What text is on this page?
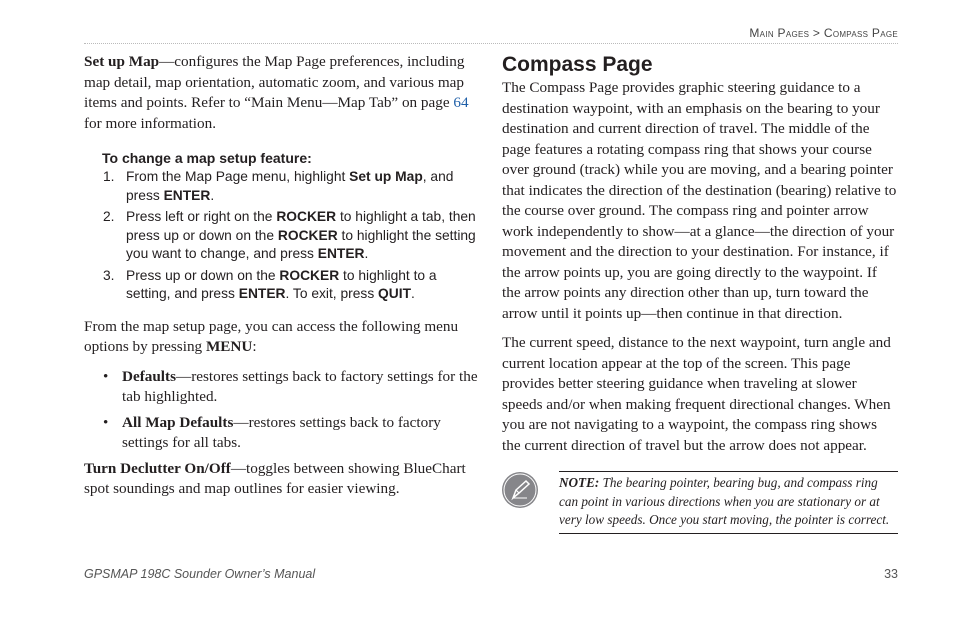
Main Pages > Compass Page

Set up Map—configures the Map Page preferences, including map detail, map orientation, automatic zoom, and various map items and points. Refer to “Main Menu—Map Tab” on page 64 for more information.

To change a map setup feature:
1. From the Map Page menu, highlight Set up Map, and press ENTER.
2. Press left or right on the ROCKER to highlight a tab, then press up or down on the ROCKER to highlight the setting you want to change, and press ENTER.
3. Press up or down on the ROCKER to highlight to a setting, and press ENTER. To exit, press QUIT.

From the map setup page, you can access the following menu options by pressing MENU:

• Defaults—restores settings back to factory settings for the tab highlighted.
• All Map Defaults—restores settings back to factory settings for all tabs.

Turn Declutter On/Off—toggles between showing BlueChart spot soundings and map outlines for easier viewing.

Compass Page

The Compass Page provides graphic steering guidance to a destination waypoint, with an emphasis on the bearing to your destination and current direction of travel. The middle of the page features a rotating compass ring that shows your course over ground (track) while you are moving, and a bearing pointer that indicates the direction of the destination (bearing) relative to the course over ground. The compass ring and pointer arrow work independently to show—at a glance—the direction of your movement and the direction to your destination. For instance, if the arrow points up, you are going directly to the waypoint. If the arrow points any direction other than up, turn toward the arrow until it points up—then continue in that direction.

The current speed, distance to the next waypoint, turn angle and current location appear at the top of the screen. This page provides better steering guidance when traveling at slower speeds and/or when making frequent directional changes. When you are not navigating to a waypoint, the compass ring shows the current direction of travel but the arrow does not appear.

NOTE: The bearing pointer, bearing bug, and compass ring can point in various directions when you are stationary or at very low speeds. Once you start moving, the pointer is correct.
GPSMAP 198C Sounder Owner’s Manual	33
